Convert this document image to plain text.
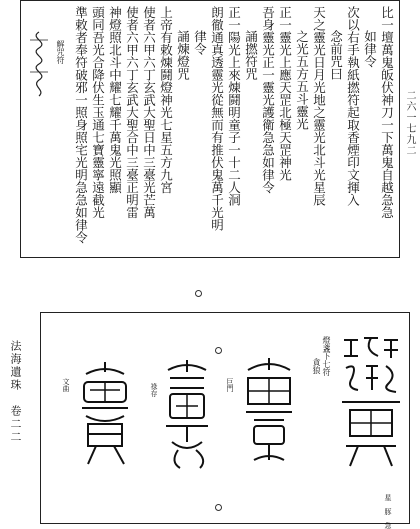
比一壇萬鬼皈伏神刀一下萬鬼自越急急
如律令
次以右手執紙撚符起取香煙印文揮入
念前咒曰
天之靈光日月光地之靈光北斗光星辰
之光五方五斗靈光
正一靈光上應天罡北極天罡神光
吾身靈光正一靈光護衛急急如律令
誦撚符咒
正一陽光上來煉鬪明童子一十二人洞
朗徹通真透靈光從無而有推伏鬼萬千光明
律令
誦煉燈咒
上帝有敕煉鬪燈神光七星五方九宮
使者六甲六丁玄武大聖日中三臺光芒萬
使者六甲六丁玄武大聖合中三臺正明雷
神燈照北斗中耀七耀千萬鬼光照顯
頭同吾光合降伏生玉通七寶靈寧遠截光
準敕者奉符破邪一照身照宅光明急急如律令
解咒符
二六一七九二
法海遺珠　卷二二	文曲	祿存	巨門
燈盞下七符
貪狼
星　豚　急
